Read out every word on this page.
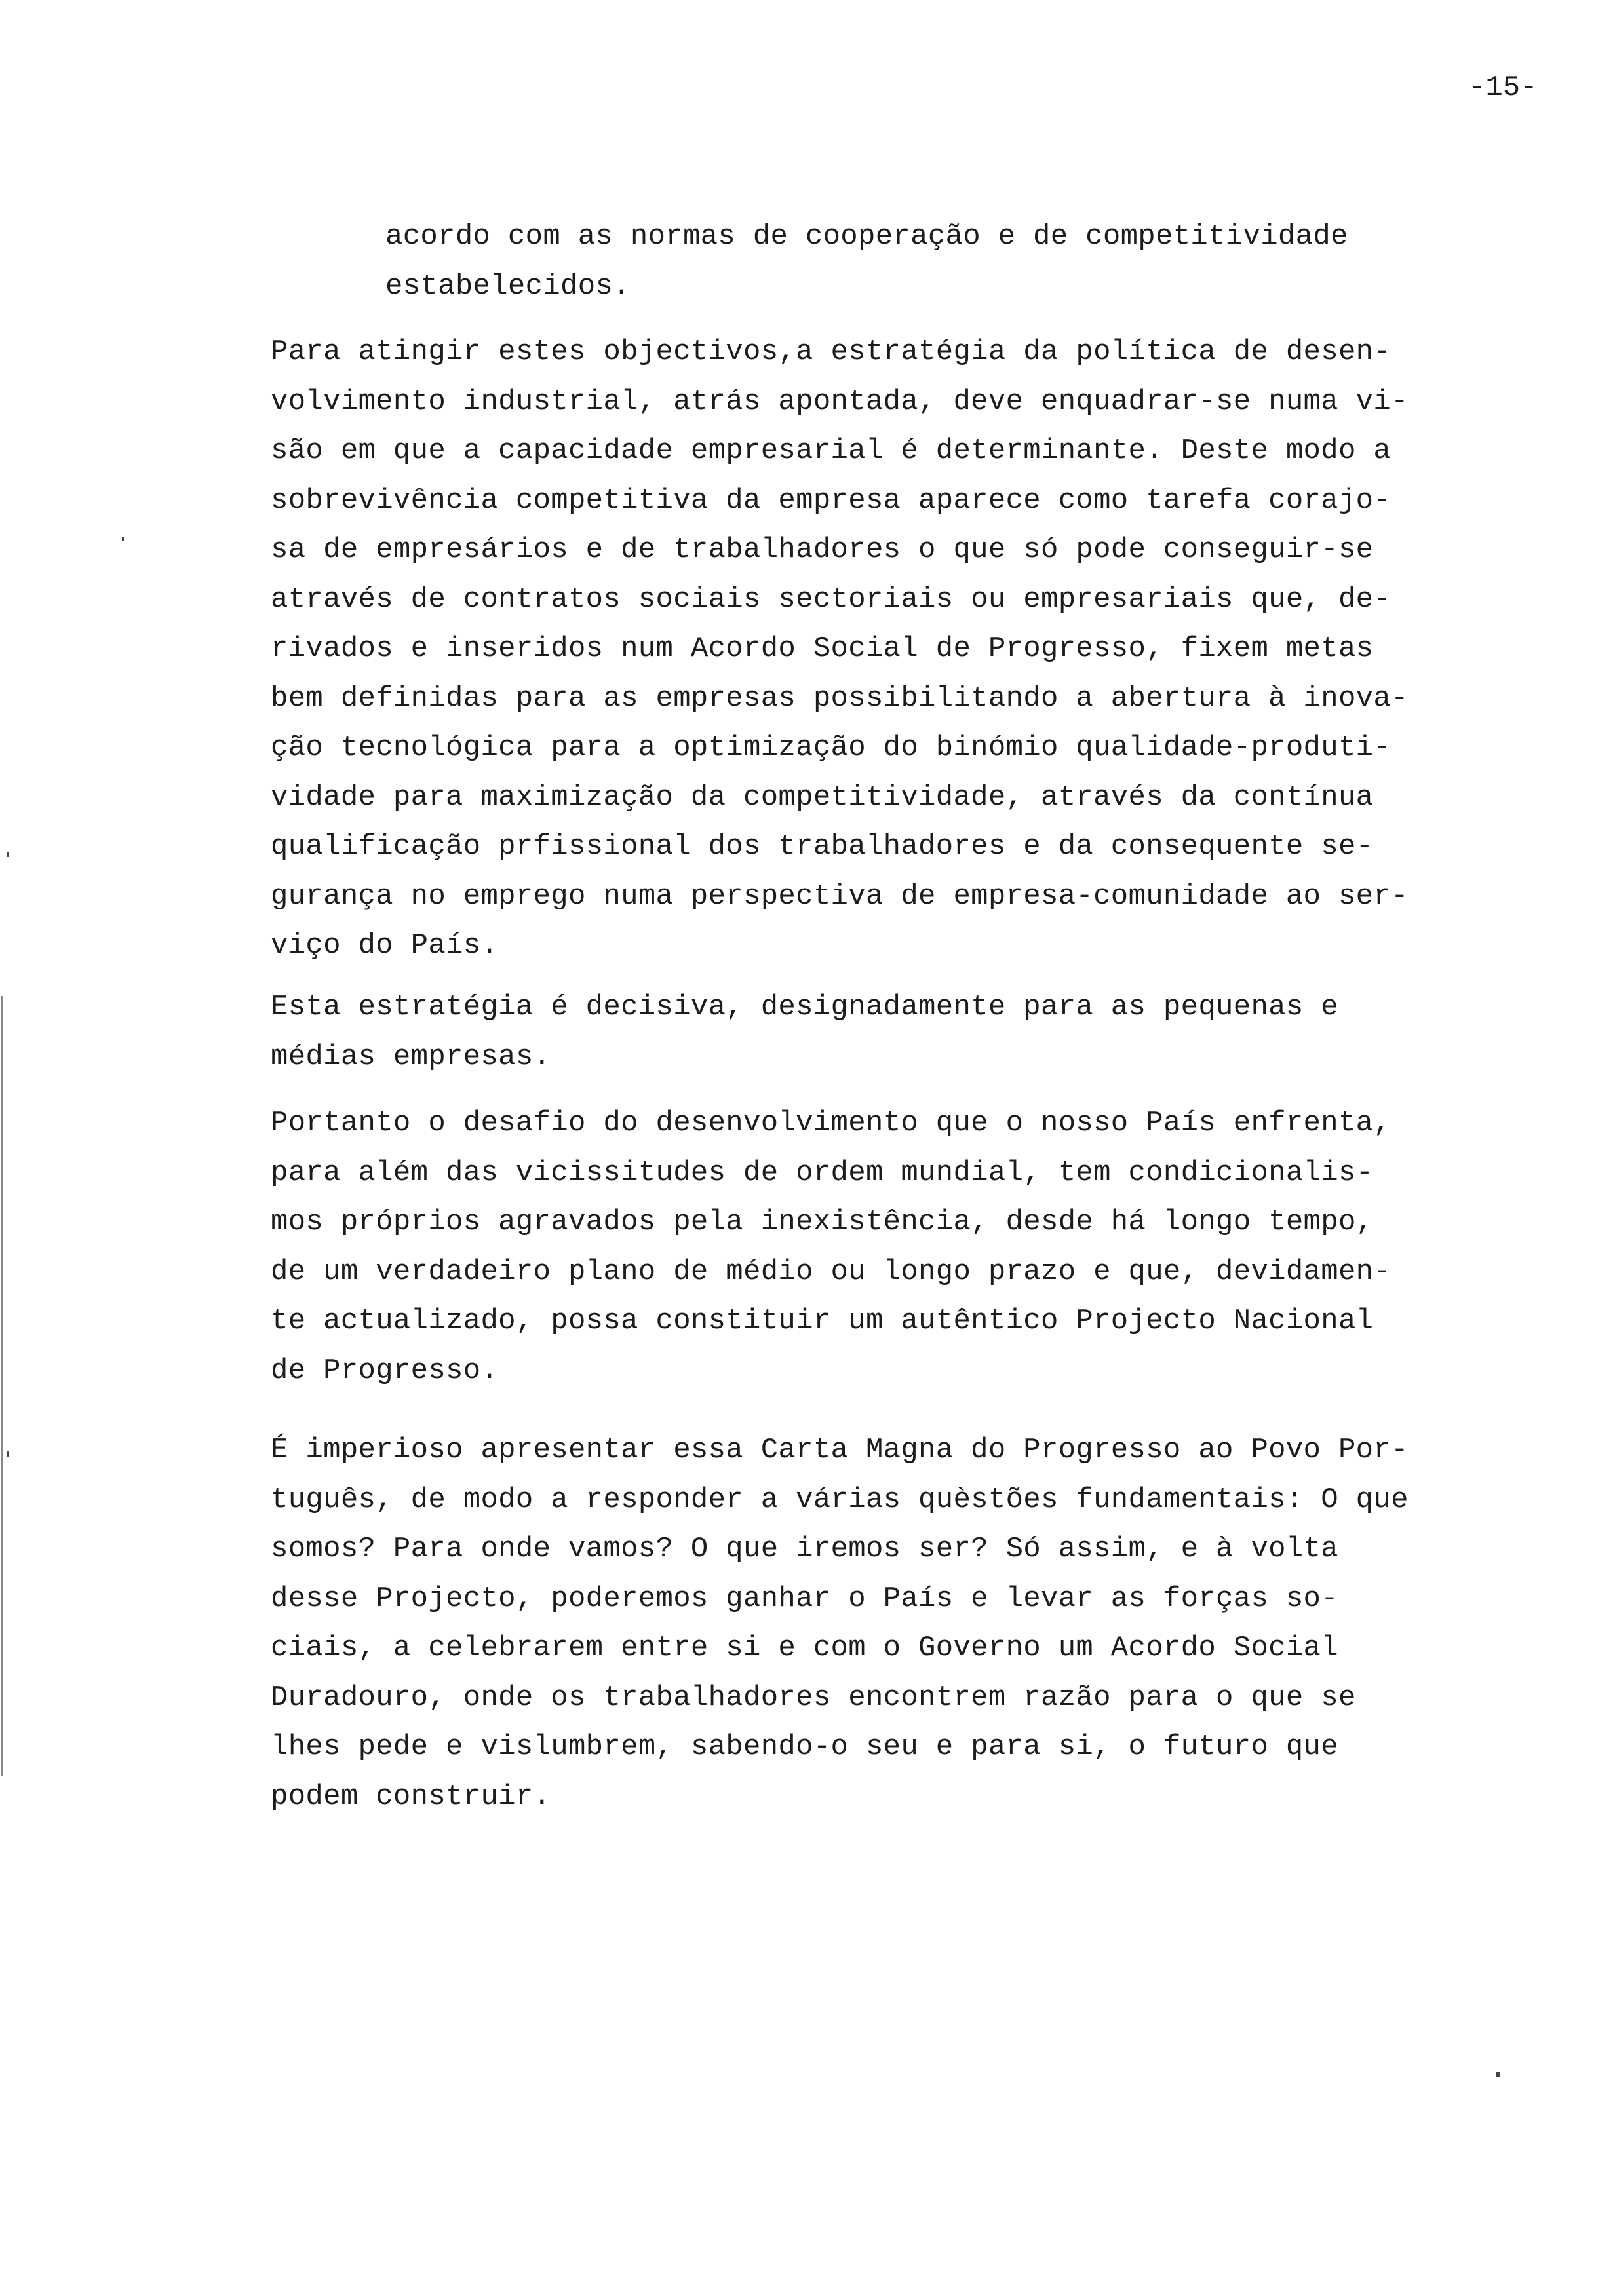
-15-
acordo com as normas de cooperação e de competitividade
estabelecidos.
Para atingir estes objectivos,a estratégia da política de desen-
volvimento industrial, atrás apontada, deve enquadrar-se numa vi-
são em que a capacidade empresarial é determinante. Deste modo a
sobrevivência competitiva da empresa aparece como tarefa corajo-
sa de empresários e de trabalhadores o que só pode conseguir-se
através de contratos sociais sectoriais ou empresariais que, de-
rivados e inseridos num Acordo Social de Progresso, fixem metas
bem definidas para as empresas possibilitando a abertura à inova-
ção tecnológica para a optimização do binómio qualidade-produti-
vidade para maximização da competitividade, através da contínua
qualificação prfissional dos trabalhadores e da consequente se-
gurança no emprego numa perspectiva de empresa-comunidade ao ser-
viço do País.
Esta estratégia é decisiva, designadamente para as pequenas e
médias empresas.
Portanto o desafio do desenvolvimento que o nosso País enfrenta,
para além das vicissitudes de ordem mundial, tem condicionalis-
mos próprios agravados pela inexistência, desde há longo tempo,
de um verdadeiro plano de médio ou longo prazo e que, devidamen-
te actualizado, possa constituir um autêntico Projecto Nacional
de Progresso.
É imperioso apresentar essa Carta Magna do Progresso ao Povo Por-
tuguês, de modo a responder a várias quèstões fundamentais: O que
somos? Para onde vamos? O que iremos ser? Só assim, e à volta
desse Projecto, poderemos ganhar o País e levar as forças so-
ciais, a celebrarem entre si e com o Governo um Acordo Social
Duradouro, onde os trabalhadores encontrem razão para o que se
lhes pede e vislumbrem, sabendo-o seu e para si, o futuro que
podem construir.
